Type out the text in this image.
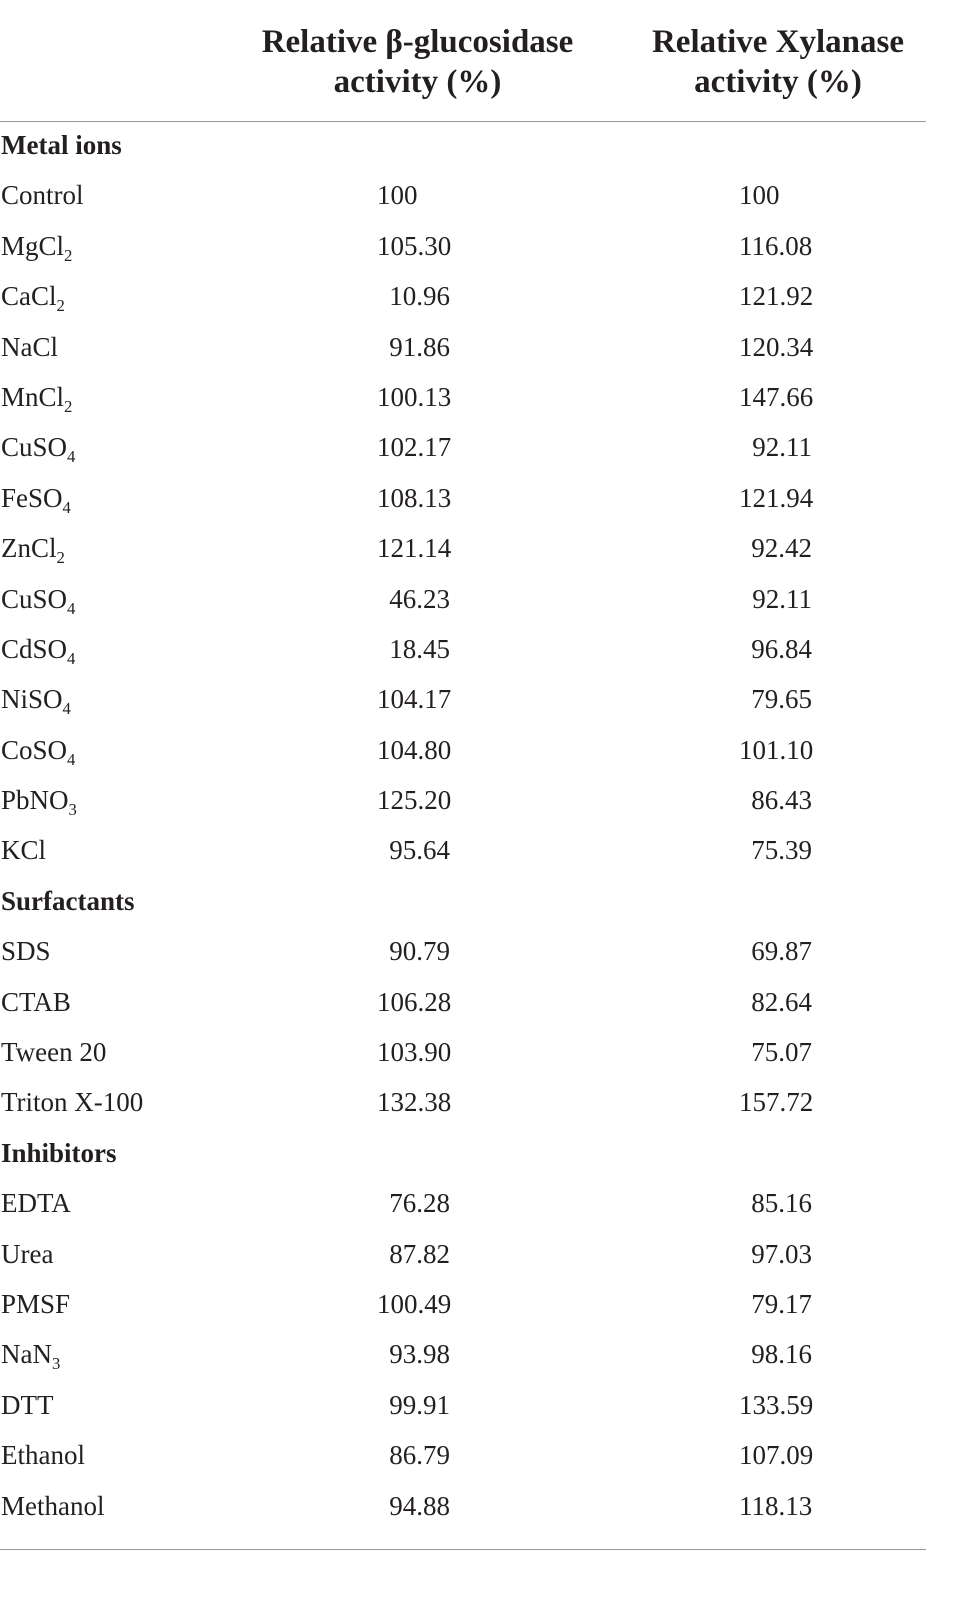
Relative β-glucosidase
activity (%)
Relative Xylanase
activity (%)
Metal ions
Control	100	100
MgCl$_2$	105.30	116.08
CaCl$_2$	10.96	121.92
NaCl	91.86	120.34
MnCl$_2$	100.13	147.66
CuSO$_4$	102.17	92.11
FeSO$_4$	108.13	121.94
ZnCl$_2$	121.14	92.42
CuSO$_4$	46.23	92.11
CdSO$_4$	18.45	96.84
NiSO$_4$	104.17	79.65
CoSO$_4$	104.80	101.10
PbNO$_3$	125.20	86.43
KCl	95.64	75.39
Surfactants
SDS	90.79	69.87
CTAB	106.28	82.64
Tween 20	103.90	75.07
Triton X-100	132.38	157.72
Inhibitors
EDTA	76.28	85.16
Urea	87.82	97.03
PMSF	100.49	79.17
NaN$_3$	93.98	98.16
DTT	99.91	133.59
Ethanol	86.79	107.09
Methanol	94.88	118.13
